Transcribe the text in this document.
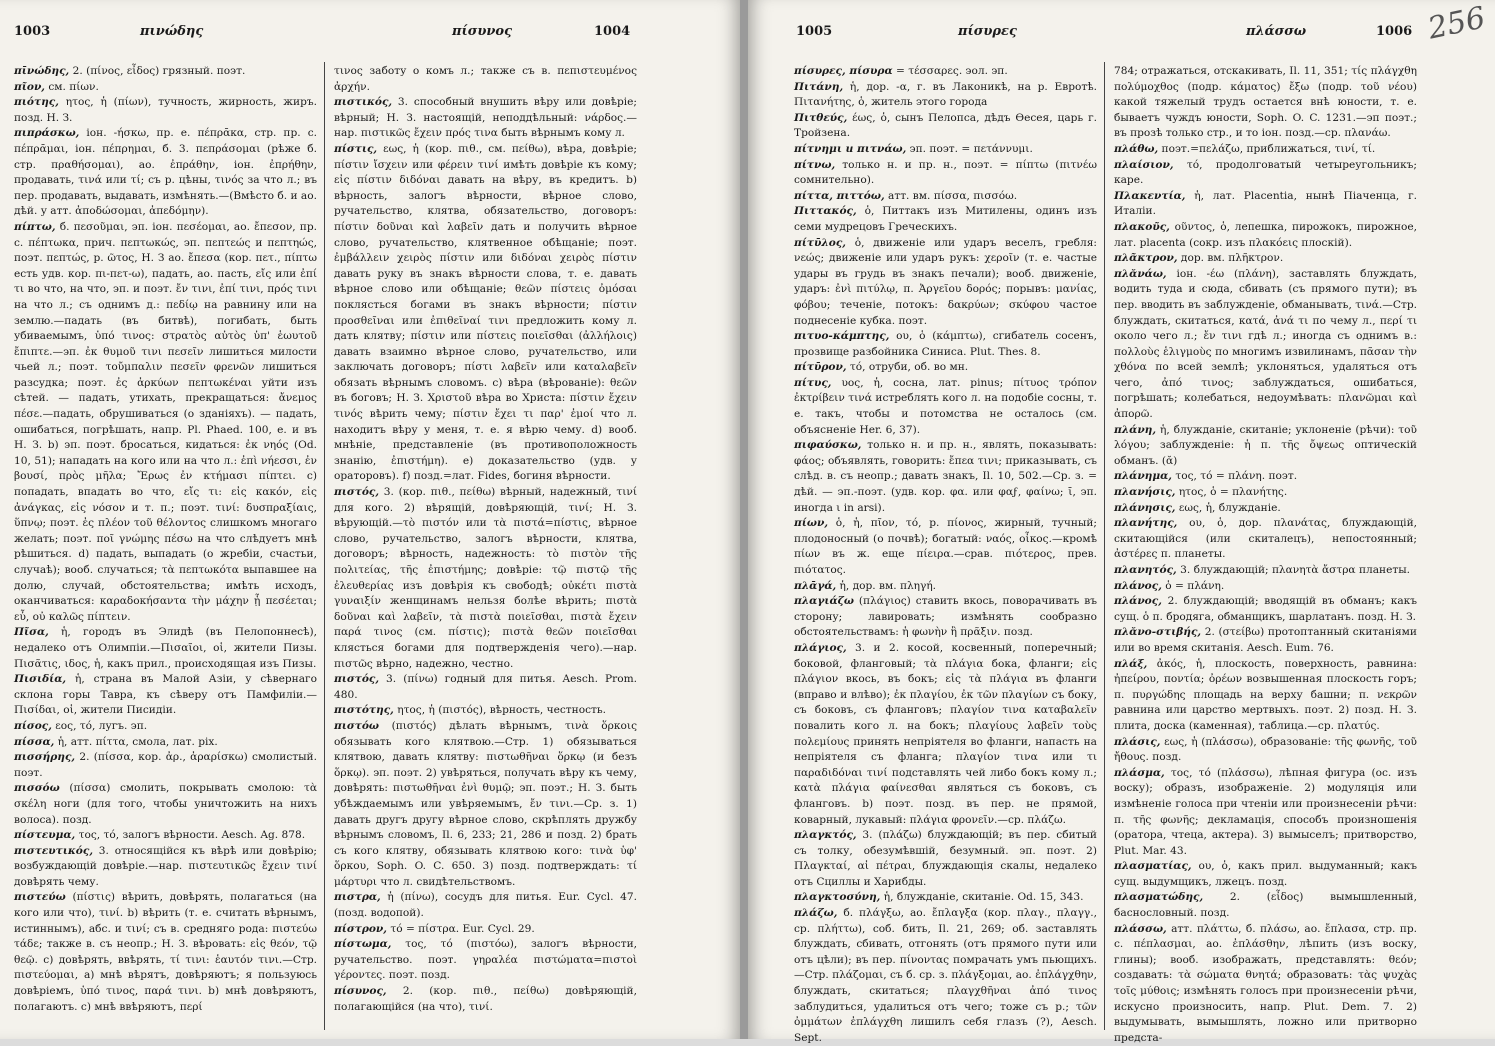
1003	πινώδης	πίσυνος	1004

πῑνώδης, 2. (πίνος, εἶδος) грязный. поэт.

πῖον, см. πίων.

πιότης, ητος, ἡ (πίων), тучность, жирность, жиръ. позд. Н. З.

πιπράσκω, іон. -ήσκω, пр. е. πέπρᾱκα, стр. пр. с. πέπρᾱμαι, іон. πέπρημαι, б. 3. πεπράσομαι (рѣже б. стр. πραθήσομαι), ао. ἐπράθην, іон. ἐπρήθην, продавать, τινά или τί; съ р. цѣны, τινός за что л.; въ пер. продавать, выдавать, измѣнять.—(Вмѣсто б. и ао. дѣй. у атт. ἀποδώσομαι, ἀπεδόμην).

πίπτω, б. πεσοῦμαι, эп. іон. πεσέομαι, ао. ἔπεσον, пр. с. πέπτωκα, прич. πεπτωκώς, эп. πεπτεώς и πεπτηώς, поэт. πεπτώς, р. ῶτος, Н. З ао. ἔπεσα (кор. πετ., πίπτω есть удв. кор. πι-πετ-ω), падать, ао. пасть, εἴς или ἐπί τι во что, на что, эп. и поэт. ἔν τινι, ἐπί τινι, πρός τινι на что л.; съ однимъ д.: πεδίῳ на равнину или на землю.—падать (въ битвѣ), погибать, быть убиваемымъ, ὑπό τινος: στρατὸς αὐτὸς ὑπ' ἑωυτοῦ ἔπιπτε.—эп. ἐκ θυμοῦ τινι πεσεῖν лишиться милости чьей л.; поэт. τοὔμπαλιν πεσεῖν φρενῶν лишиться разсудка; поэт. ἐς ἀρκύων πεπτωκέναι уйти изъ сѣтей. — падать, утихать, прекращаться: ἄνεμος πέσε.—падать, обрушиваться (о зданіяхъ). — падать, ошибаться, погрѣшать, напр. Pl. Phaed. 100, е. и въ Н. З. b) эп. поэт. бросаться, кидаться: ἐκ νηός (Od. 10, 51); нападать на кого или на что л.: ἐπὶ νήεσσι, ἐν βουσί, πρὸς μῆλα; Ἔρως ἐν κτήμασι πίπτει. c) попадать, впадать во что, εἴς τι: εἰς κακόν, εἰς ἀνάγκας, εἰς νόσον и т. п.; поэт. τινί: δυσπραξίαις, ὕπνῳ; поэт. ἐς πλέον τοῦ θέλοντος слишкомъ многаго желать; поэт. ποῖ γνώμης πέσω на что слѣдуетъ мнѣ рѣшиться. d) падать, выпадать (о жребіи, счастьи, случаѣ); вооб. случаться; τὰ πεπτωκότα выпавшее на долю, случай, обстоятельства; имѣть исходъ, оканчиваться: καραδοκήσαντα τὴν μάχην ᾗ πεσέεται; εὖ, οὐ καλῶς πίπτειν.

Πῖσα, ἡ, городъ въ Элидѣ (въ Пелопоннесѣ), недалеко отъ Олимпіи.—Πισαῖοι, οἱ, жители Пизы. Πισᾶτις, ιδος, ἡ, какъ прил., происходящая изъ Пизы.

Πισιδία, ἡ, страна въ Малой Азіи, у сѣвернаго склона горы Тавра, къ сѣверу отъ Памфиліи.—Πισίδαι, οἱ, жители Писидіи.

πίσος, εος, τό, лугъ. эп.

πίσσα, ἡ, атт. πίττα, смола, лат. pix.

πισσήρης, 2. (πίσσα, кор. ἀρ., ἀραρίσκω) смолистый. поэт.

πισσόω (πίσσα) смолить, покрывать смолою: τὰ σκέλη ноги (для того, чтобы уничтожить на нихъ волоса). позд.

πίστευμα, τος, τό, залогъ вѣрности. Aesch. Ag. 878.

πιστευτικός, 3. относящійся къ вѣрѣ или довѣрію; возбуждающій довѣріе.—нар. πιστευτικῶς ἔχειν τινί довѣрять чему.

πιστεύω (πίστις) вѣрить, довѣрять, полагаться (на кого или что), τινί. b) вѣрить (т. е. считать вѣрнымъ, истиннымъ), абс. и τινί; съ в. средняго рода: πιστεύω τάδε; также в. съ неопр.; Н. З. вѣровать: εἰς θεόν, τῷ θεῷ. c) довѣрять, ввѣрять, τί τινι: ἑαυτόν τινι.—Стр. πιστεύομαι, a) мнѣ вѣрятъ, довѣряютъ; я пользуюсь довѣріемъ, ὑπό τινος, παρά τινι. b) мнѣ довѣряютъ, полагаютъ. c) мнѣ ввѣряютъ, περί

τινος заботу о комъ л.; также съ в. πεπιστευμένος ἀρχήν.

πιστικός, 3. способный внушить вѣру или довѣріе; вѣрный; Н. З. настоящій, неподдѣльный: νάρδος.—нар. πιστικῶς ἔχειν πρός τινα быть вѣрнымъ кому л.

πίστις, εως, ἡ (кор. πιθ., см. πείθω), вѣра, довѣріе; πίστιν ἴσχειν или φέρειν τινί имѣть довѣріе къ кому; εἰς πίστιν διδόναι давать на вѣру, въ кредитъ. b) вѣрность, залогъ вѣрности, вѣрное слово, ручательство, клятва, обязательство, договоръ: πίστιν δοῦναι καὶ λαβεῖν дать и получить вѣрное слово, ручательство, клятвенное обѣщаніе; поэт. ἐμβάλλειν χειρὸς πίστιν или διδόναι χειρὸς πίστιν давать руку въ знакъ вѣрности слова, т. е. давать вѣрное слово или обѣщаніе; θεῶν πίστεις ὀμόσαι поклясться богами въ знакъ вѣрности; πίστιν προσθεῖναι или ἐπιθεῖναί τινι предложить кому л. дать клятву; πίστιν или πίστεις ποιεῖσθαι (ἀλλήλοις) давать взаимно вѣрное слово, ручательство, или заключать договоръ; πίστι λαβεῖν или καταλαβεῖν обязать вѣрнымъ словомъ. c) вѣра (вѣрованіе): θεῶν въ боговъ; Н. З. Χριστοῦ вѣра во Христа: πίστιν ἔχειν τινός вѣрить чему; πίστιν ἔχει τι παρ' ἐμοί что л. находитъ вѣру у меня, т. е. я вѣрю чему. d) вооб. мнѣніе, представленіе (въ противоположность знанію, ἐπιστήμη). e) доказательство (удв. у ораторовъ). f) позд.=лат. Fides, богиня вѣрности.

πιστός, 3. (кор. πιθ., πείθω) вѣрный, надежный, τινί для кого. 2) вѣрящій, довѣряющій, τινί; Н. З. вѣрующій.—τὸ πιστόν или τὰ πιστά=πίστις, вѣрное слово, ручательство, залогъ вѣрности, клятва, договоръ; вѣрность, надежность: τὸ πιστὸν τῆς πολιτείας, τῆς ἐπιστήμης; довѣріе: τῷ πιστῷ τῆς ἐλευθερίας изъ довѣрія къ свободѣ; οὐκέτι πιστὰ γυναιξίν женщинамъ нельзя болѣе вѣрить; πιστὰ δοῦναι καὶ λαβεῖν, τὰ πιστὰ ποιεῖσθαι, πιστὰ ἔχειν παρά τινος (см. πίστις); πιστὰ θεῶν ποιεῖσθαι клясться богами для подтвержденія чего).—нар. πιστῶς вѣрно, надежно, честно.

πιστός, 3. (πίνω) годный для питья. Aesch. Prom. 480.

πιστότης, ητος, ἡ (πιστός), вѣрность, честность.

πιστόω (πιστός) дѣлать вѣрнымъ, τινὰ ὅρκοις обязывать кого клятвою.—Стр. 1) обязываться клятвою, давать клятву: πιστωθῆναι ὅρκῳ (и безъ ὅρκῳ). эп. поэт. 2) увѣряться, получать вѣру къ чему, довѣрять: πιστωθῆναι ἐνὶ θυμῷ; эп. поэт.; Н. З. быть убѣждаемымъ или увѣряемымъ, ἔν τινι.—Ср. з. 1) давать другъ другу вѣрное слово, скрѣплять дружбу вѣрнымъ словомъ, Il. 6, 233; 21, 286 и позд. 2) брать съ кого клятву, обязывать клятвою кого: τινὰ ὑφ' ὅρκου, Soph. O. C. 650. 3) позд. подтверждать: τί μάρτυρι что л. свидѣтельствомъ.

πιστρα, ἡ (πίνω), сосудъ для питья. Eur. Cycl. 47. (позд. водопой).

πίστρον, τό = πίστρα. Eur. Cycl. 29.

πίστωμα, τος, τό (πιστόω), залогъ вѣрности, ручательство. поэт. γηραλέα πιστώματα=πιστοὶ γέροντες. поэт. позд.

πίσυνος, 2. (кор. πιθ., πείθω) довѣряющій, полагающійся (на что), τινί.

1005	πίσυρες	πλάσσω	1006 256

πίσυρες, πίσυρα = τέσσαρες. эол. эп.

Πιτάνη, ἡ, дор. -α, г. въ Лаконикѣ, на р. Евротѣ. Πιτανήτης, ὁ, житель этого города

Πιτθεύς, έως, ὁ, сынъ Пелопса, дѣдъ Өесея, царь г. Тройзена.

πίτνημι и πιτνάω, эп. поэт. = πετάννυμι.

πίτνω, только н. и пр. н., поэт. = πίπτω (πιτνέω сомнительно).

πίττα, πιττόω, атт. вм. πίσσα, πισσόω.

Πιττακός, ὁ, Питтакъ изъ Митилены, одинъ изъ семи мудрецовъ Греческихъ.

πίτῡλος, ὁ, движеніе или ударъ веселъ, гребля: νεώς; движеніе или ударъ рукъ: χεροῖν (т. е. частые удары въ грудь въ знакъ печали); вооб. движеніе, ударъ: ἐνὶ πιτύλῳ, п. Ἀργεῖου δορός; порывъ: μανίας, φόβου; теченіе, потокъ: δακρύων; σκύφου частое поднесеніе кубка. поэт.

πιτυο-κάμπτης, ου, ὁ (κάμπτω), сгибатель сосенъ, прозвище разбойника Синиса. Plut. Thes. 8.

πίτῡρον, τό, отруби, об. во мн.

πίτυς, υος, ἡ, сосна, лат. pinus; πίτυος τρόπον ἐκτρίβειν τινά истреблять кого л. на подобіе сосны, т. е. такъ, чтобы и потомства не осталось (см. объясненіе Her. 6, 37).

πιφαύσκω, только н. и пр. н., являть, показывать: φάος; объявлять, говорить: ἔπεα τινι; приказывать, съ слѣд. в. съ неопр.; давать знакъ, Il. 10, 502.—Ср. з. = дѣй. — эп.-поэт. (удв. кор. φα. или φαϝ, φαίνω; ῑ, эп. иногда ι in arsi).

πίων, ὁ, ἡ, πῖον, τό, р. πίονος, жирный, тучный; плодоносный (о почвѣ); богатый: ναός, οἶκος.—кромѣ πίων въ ж. еще πίειρα.—срав. πιότερος, прев. πιότατος.

πλᾱγά, ἡ, дор. вм. πληγή.

πλαγιάζω (πλάγιος) ставить вкось, поворачивать въ сторону; лавировать; измѣнять сообразно обстоятельствамъ: ἡ φωνὴν ἢ πρᾶξιν. позд.

πλάγιος, 3. и 2. косой, косвенный, поперечный; боковой, флангoвый; τὰ πλάγια бока, фланги; εἰς πλάγιον вкось, въ бокъ; εἰς τὰ πλάγια въ фланги (вправо и влѣво); ἐκ πλαγίου, ἐκ τῶν πλαγίων съ боку, съ боковъ, съ фланговъ; πλαγίον τινα καταβαλεῖν повалить кого л. на бокъ; πλαγίους λαβεῖν τοὺς πολεμίους принять непріятеля во фланги, напасть на непріятеля съ фланга; πλαγίον τινα или τι παραδιδόναι τινί подставлять чей либо бокъ кому л.; κατὰ πλάγια φαίνεσθαι являться съ боковъ, съ фланговъ. b) поэт. позд. въ пер. не прямой, коварный, лукавый: πλάγια φρονεῖν.—ср. πλάζω.

πλαγκτός, 3. (πλάζω) блуждающій; въ пер. сбитый съ толку, обезумѣвшій, безумный. эп. поэт. 2) Πλαγκταί, αἱ πέτραι, блуждающія скалы, недалеко отъ Сциллы и Харибды.

πλαγκτοσύνη, ἡ, блужданіе, скитаніе. Od. 15, 343.

πλάζω, б. πλάγξω, ао. ἔπλαγξα (кор. πλαγ., πλαγγ., ср. πλήττω), соб. бить, Il. 21, 269; об. заставлять блуждать, сбивать, отгонять (отъ прямого пути или отъ цѣли); въ пер. πίνοντας помрачать умъ пьющихъ.—Стр. πλάζομαι, съ б. ср. з. πλάγξομαι, ао. ἐπλάγχθην, блуждать, скитаться; πλαγχθῆναι ἀπό τινος заблудиться, удалиться отъ чего; тоже съ р.; τῶν ὀμμάτων ἐπλάγχθη лишилъ себя глазъ (?), Aesch. Sept.

784; отражаться, отскакивать, Il. 11, 351; τίς πλάγχθη πολύμοχθος (подр. κάματος) ἔξω (подр. τοῦ νέου) какой тяжелый трудъ остается внѣ юности, т. е. бываетъ чуждъ юности, Soph. O. C. 1231.—эп поэт.; въ прозѣ только стр., и то іон. позд.—ср. πλανάω.

πλάθω, поэт.=πελάζω, приближаться, τινί, τί.

πλαίσιον, τό, продолговатый четыреугольникъ; каре.

Πλακεντία, ἡ, лат. Placentia, нынѣ Піаченца, г. Италіи.

πλακοῦς, οῦντος, ὁ, лепешка, пирожокъ, пирожное, лат. placenta (сокр. изъ πλακόεις плоскій).

πλᾶκτρον, дор. вм. πλῆκτρον.

πλᾰνάω, іон. -έω (πλάνη), заставлять блуждать, водить туда и сюда, сбивать (съ прямого пути); въ пер. вводить въ заблужденіе, обманывать, τινά.—Стр. блуждать, скитаться, κατά, ἀνά τι по чему л., περί τι около чего л.; ἔν τινι гдѣ л.; иногда съ однимъ в.: πολλοὺς ἑλιγμοὺς по многимъ извилинамъ, πᾶσαν τὴν χθόνα по всей землѣ; уклоняться, удаляться отъ чего, ἀπό τινος; заблуждаться, ошибаться, погрѣшать; колебаться, недоумѣвать: πλανῶμαι καὶ ἀπορῶ.

πλάνη, ἡ, блужданіе, скитаніе; уклоненіе (рѣчи): τοῦ λόγου; заблужденіе: ἡ π. τῆς ὄψεως оптическій обманъ. (ᾰ)

πλάνημα, τος, τό = πλάνη. поэт.

πλανήσις, ητος, ὁ = πλανήτης.

πλάνησις, εως, ἡ, блужданіе.

πλανήτης, ου, ὁ, дор. πλανάτας, блуждающій, скитающійся (или скиталецъ), непостоянный; ἀστέρες π. планеты.

πλανητός, 3. блуждающій; πλανητὰ ἄστρα планеты.

πλάνος, ὁ = πλάνη.

πλάνος, 2. блуждающій; вводящій въ обманъ; какъ сущ. ὁ π. бродяга, обманщикъ, шарлатанъ. позд. Н. З.

πλᾰνο-στιβής, 2. (στείβω) протоптанный скитаніями или во время скитанія. Aesch. Eum. 76.

πλάξ, ἀκός, ἡ, плоскость, поверхность, равнина: ἠπείρου, ποντία; ὀρέων возвышенная плоскость горъ; π. πυργώδης площадь на верху башни; π. νεκρῶν равнина или царство мертвыхъ. поэт. 2) позд. Н. З. плита, доска (каменная), таблица.—ср. πλατύς.

πλάσις, εως, ἡ (πλάσσω), образованіе: τῆς φωνῆς, τοῦ ἤθους. позд.

πλάσμα, τος, τό (πλάσσω), лѣпная фигура (ос. изъ воску); образъ, изображеніе. 2) модуляція или измѣненіе голоса при чтеніи или произнесеніи рѣчи: π. τῆς φωνῆς; декламація, способъ произношенія (оратора, чтеца, актера). 3) вымыселъ; притворство, Plut. Mar. 43.

πλασματίας, ου, ὁ, какъ прил. выдуманный; какъ сущ. выдумщикъ, лжецъ. позд.

πλασματώδης, 2. (εἶδος) вымышленный, баснословный. позд.

πλάσσω, атт. πλάττω, б. πλάσω, ао. ἔπλασα, стр. пр. с. πέπλασμαι, ао. ἐπλάσθην, лѣпить (изъ воску, глины); вооб. изображать, представлять: θεόν; создавать: τὰ σώματα θνητά; образовать: τὰς ψυχὰς τοῖς μύθοις; измѣнять голосъ при произнесеніи рѣчи, искусно произносить, напр. Plut. Dem. 7. 2) выдумывать, вымышлять, ложно или притворно предста-
